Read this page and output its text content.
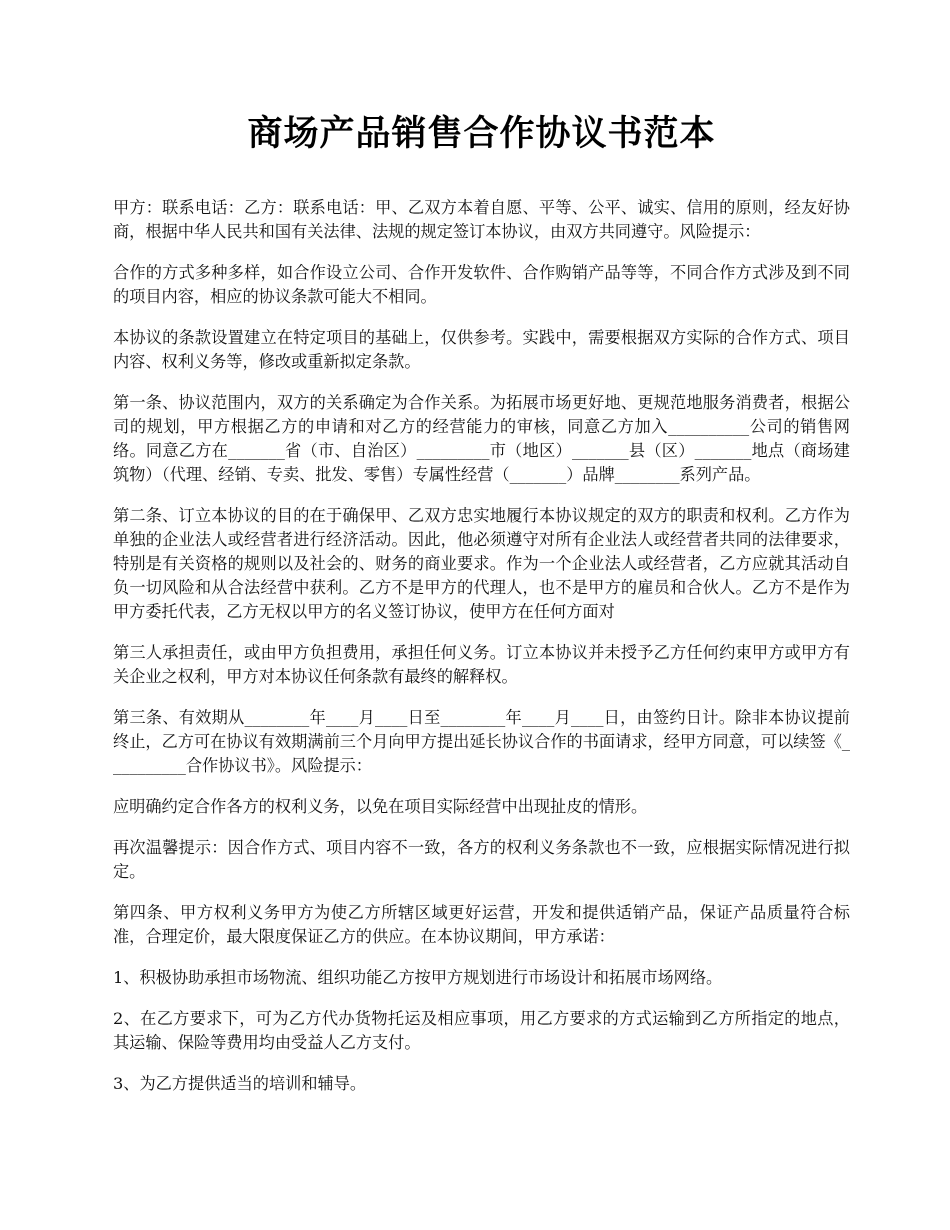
商场产品销售合作协议书范本

甲方：联系电话：乙方：联系电话：甲、乙双方本着自愿、平等、公平、诚实、信用的原则，经友好协商，根据中华人民共和国有关法律、法规的规定签订本协议，由双方共同遵守。风险提示：

合作的方式多种多样，如合作设立公司、合作开发软件、合作购销产品等等，不同合作方式涉及到不同的项目内容，相应的协议条款可能大不相同。

本协议的条款设置建立在特定项目的基础上，仅供参考。实践中，需要根据双方实际的合作方式、项目内容、权利义务等，修改或重新拟定条款。

第一条、协议范围内，双方的关系确定为合作关系。为拓展市场更好地、更规范地服务消费者，根据公司的规划，甲方根据乙方的申请和对乙方的经营能力的审核，同意乙方加入__________公司的销售网络。同意乙方在_______省（市、自治区）_________市（地区）_______县（区）_______地点（商场建筑物）（代理、经销、专卖、批发、零售）专属性经营（_______）品牌________系列产品。

第二条、订立本协议的目的在于确保甲、乙双方忠实地履行本协议规定的双方的职责和权利。乙方作为单独的企业法人或经营者进行经济活动。因此，他必须遵守对所有企业法人或经营者共同的法律要求，特别是有关资格的规则以及社会的、财务的商业要求。作为一个企业法人或经营者，乙方应就其活动自负一切风险和从合法经营中获利。乙方不是甲方的代理人，也不是甲方的雇员和合伙人。乙方不是作为甲方委托代表，乙方无权以甲方的名义签订协议，使甲方在任何方面对

第三人承担责任，或由甲方负担费用，承担任何义务。订立本协议并未授予乙方任何约束甲方或甲方有关企业之权利，甲方对本协议任何条款有最终的解释权。

第三条、有效期从________年____月____日至________年____月____日，由签约日计。除非本协议提前终止，乙方可在协议有效期满前三个月向甲方提出延长协议合作的书面请求，经甲方同意，可以续签《__________合作协议书》。风险提示：

应明确约定合作各方的权利义务，以免在项目实际经营中出现扯皮的情形。

再次温馨提示：因合作方式、项目内容不一致，各方的权利义务条款也不一致，应根据实际情况进行拟定。

第四条、甲方权利义务甲方为使乙方所辖区域更好运营，开发和提供适销产品，保证产品质量符合标准，合理定价，最大限度保证乙方的供应。在本协议期间，甲方承诺：

1、积极协助承担市场物流、组织功能乙方按甲方规划进行市场设计和拓展市场网络。

2、在乙方要求下，可为乙方代办货物托运及相应事项，用乙方要求的方式运输到乙方所指定的地点，其运输、保险等费用均由受益人乙方支付。

3、为乙方提供适当的培训和辅导。
